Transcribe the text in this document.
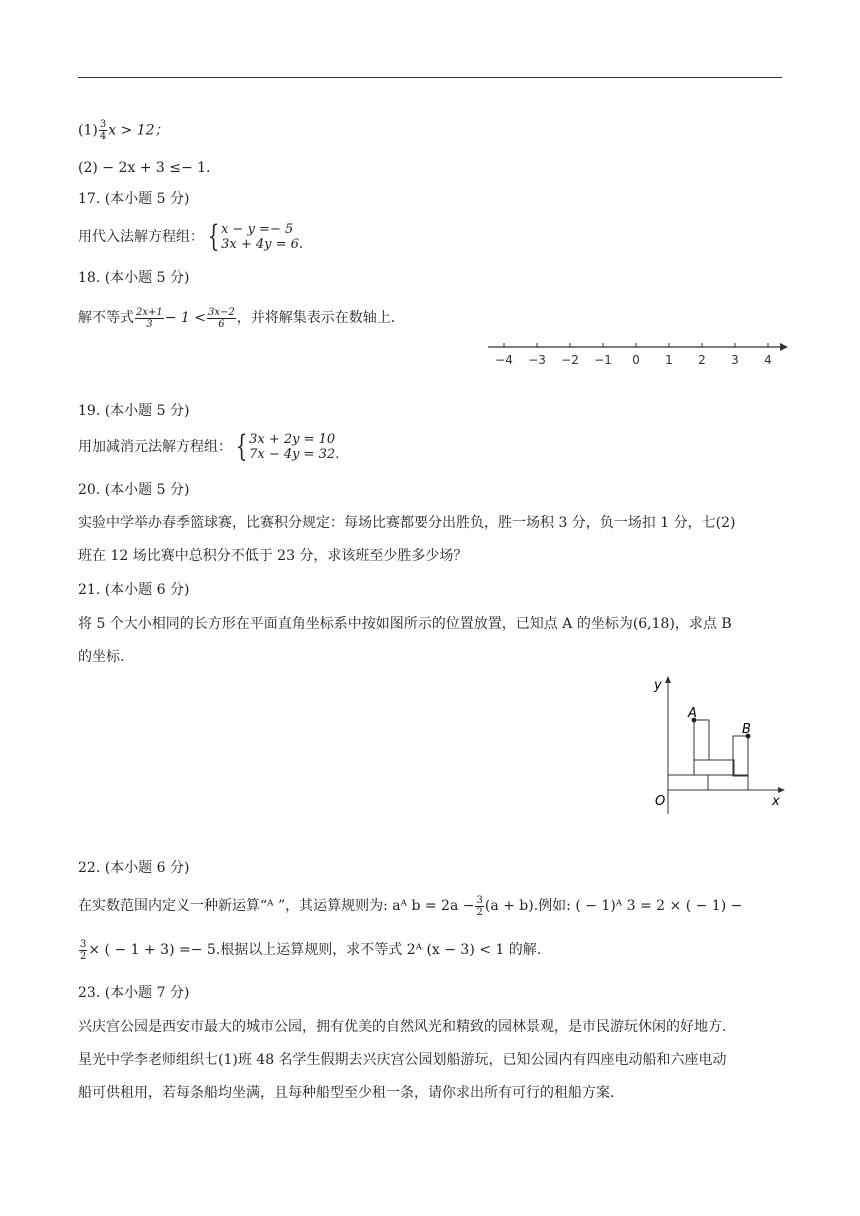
$(1) \frac{3}{4}$ x > 12；
(2) − 2x + 3 ≤− 1．
17. (本小题 5 分)
用代入法解方程组： { x − y =− 5
3x + 4y = 6.
18. (本小题 5 分)
解不等式 $\frac{2x+1}{3} - 1 < \frac{3x-2}{6}$ ，并将解集表示在数轴上．
−4 −3 −2 −1 0 1 2 3 4
19. (本小题 5 分)
用加减消元法解方程组： { 3x + 2y = 10
7x − 4y = 32.
20. (本小题 5 分)
实验中学举办春季篮球赛，比赛积分规定：每场比赛都要分出胜负，胜一场积 3 分，负一场扣 1 分，七(2)
班在 12 场比赛中总积分不低于 23 分，求该班至少胜多少场？
21. (本小题 6 分)
将 5 个大小相同的长方形在平面直角坐标系中按如图所示的位置放置，已知点 A 的坐标为(6,18)，求点 B
的坐标.
y
x
O
A
B
22. (本小题 6 分)
在实数范围内定义一种新运算“ᴬ ”，其运算规则为: aᴬ $b = 2a - \frac{3}{2} (a + b)$.例如: ( − 1)ᴬ 3 = 2 × ( − 1) −
$\frac{3}{2}$ × ( − 1 + 3) =− 5.根据以上运算规则，求不等式 2ᴬ (x − 3) < 1 的解.
23. (本小题 7 分)
兴庆宫公园是西安市最大的城市公园，拥有优美的自然风光和精致的园林景观，是市民游玩休闲的好地方.
星光中学李老师组织七(1)班 48 名学生假期去兴庆宫公园划船游玩，已知公园内有四座电动船和六座电动
船可供租用，若每条船均坐满，且每种船型至少租一条，请你求出所有可行的租船方案.
